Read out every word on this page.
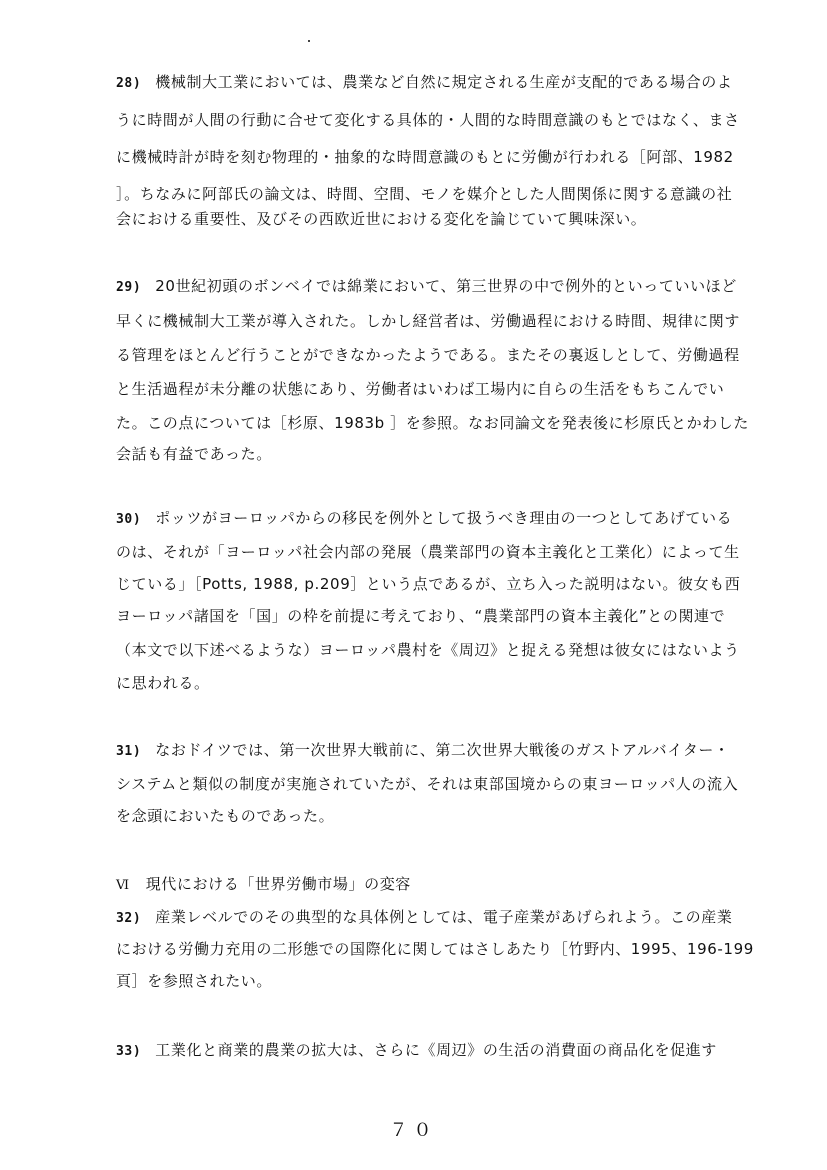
28) 機械制大工業においては、農業など自然に規定される生産が支配的である場合のよ
うに時間が人間の行動に合せて変化する具体的・人間的な時間意識のもとではなく、まさ
に機械時計が時を刻む物理的・抽象的な時間意識のもとに労働が行われる［阿部、1982
］。ちなみに阿部氏の論文は、時間、空間、モノを媒介とした人間関係に関する意識の社
会における重要性、及びその西欧近世における変化を論じていて興味深い。
29) 20世紀初頭のボンベイでは綿業において、第三世界の中で例外的といっていいほど
早くに機械制大工業が導入された。しかし経営者は、労働過程における時間、規律に関す
る管理をほとんど行うことができなかったようである。またその裏返しとして、労働過程
と生活過程が未分離の状態にあり、労働者はいわば工場内に自らの生活をもちこんでい
た。この点については［杉原、1983b ］を参照。なお同論文を発表後に杉原氏とかわした
会話も有益であった。
30) ポッツがヨーロッパからの移民を例外として扱うべき理由の一つとしてあげている
のは、それが「ヨーロッパ社会内部の発展（農業部門の資本主義化と工業化）によって生
じている」［Potts, 1988, p.209］という点であるが、立ち入った説明はない。彼女も西
ヨーロッパ諸国を「国」の枠を前提に考えており、“農業部門の資本主義化”との関連で
（本文で以下述べるような）ヨーロッパ農村を《周辺》と捉える発想は彼女にはないよう
に思われる。
31) なおドイツでは、第一次世界大戦前に、第二次世界大戦後のガストアルバイター・
システムと類似の制度が実施されていたが、それは東部国境からの東ヨーロッパ人の流入
を念頭においたものであった。
Ⅵ 現代における「世界労働市場」の変容
32) 産業レベルでのその典型的な具体例としては、電子産業があげられよう。この産業
における労働力充用の二形態での国際化に関してはさしあたり［竹野内、1995、196-199
頁］を参照されたい。
33) 工業化と商業的農業の拡大は、さらに《周辺》の生活の消費面の商品化を促進す
７０
